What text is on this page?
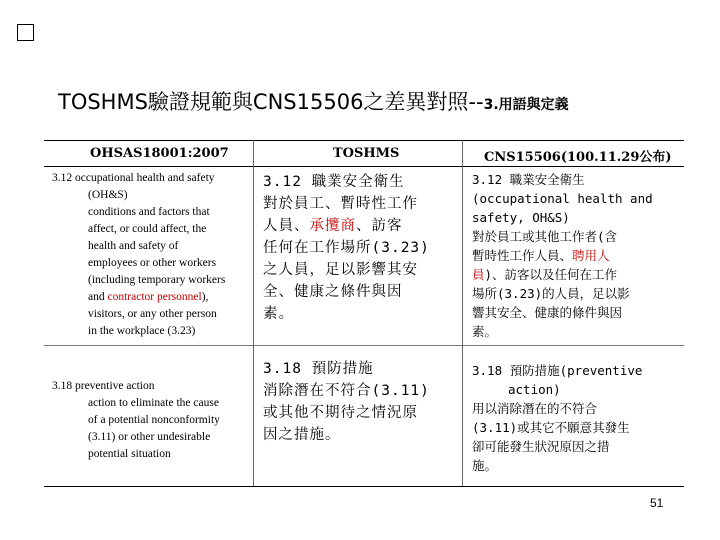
TOSHMS驗證規範與CNS15506之差異對照--3.用語與定義
OHSAS18001:2007	TOSHMS	CNS15506(100.11.29公布)
3.12 occupational health and safety
(OH&S)
conditions and factors that
affect, or could affect, the
health and safety of
employees or other workers
(including temporary workers
and contractor personnel),
visitors, or any other person
in the workplace (3.23)
3.12 職業安全衛生
對於員工、暫時性工作
人員、承攬商、訪客
任何在工作場所(3.23)
之人員，足以影響其安
全、健康之條件與因
素。
3.12 職業安全衛生
(occupational health and
safety, OH&S)
對於員工或其他工作者(含
暫時性工作人員、聘用人
員)、訪客以及任何在工作
場所(3.23)的人員，足以影
響其安全、健康的條件與因
素。
3.18 preventive action
action to eliminate the cause
of a potential nonconformity
(3.11) or other undesirable
potential situation
3.18 預防措施
消除潛在不符合(3.11)
或其他不期待之情況原
因之措施。
3.18 預防措施(preventive
action)
用以消除潛在的不符合
(3.11)或其它不願意其發生
卻可能發生狀況原因之措
施。
51
